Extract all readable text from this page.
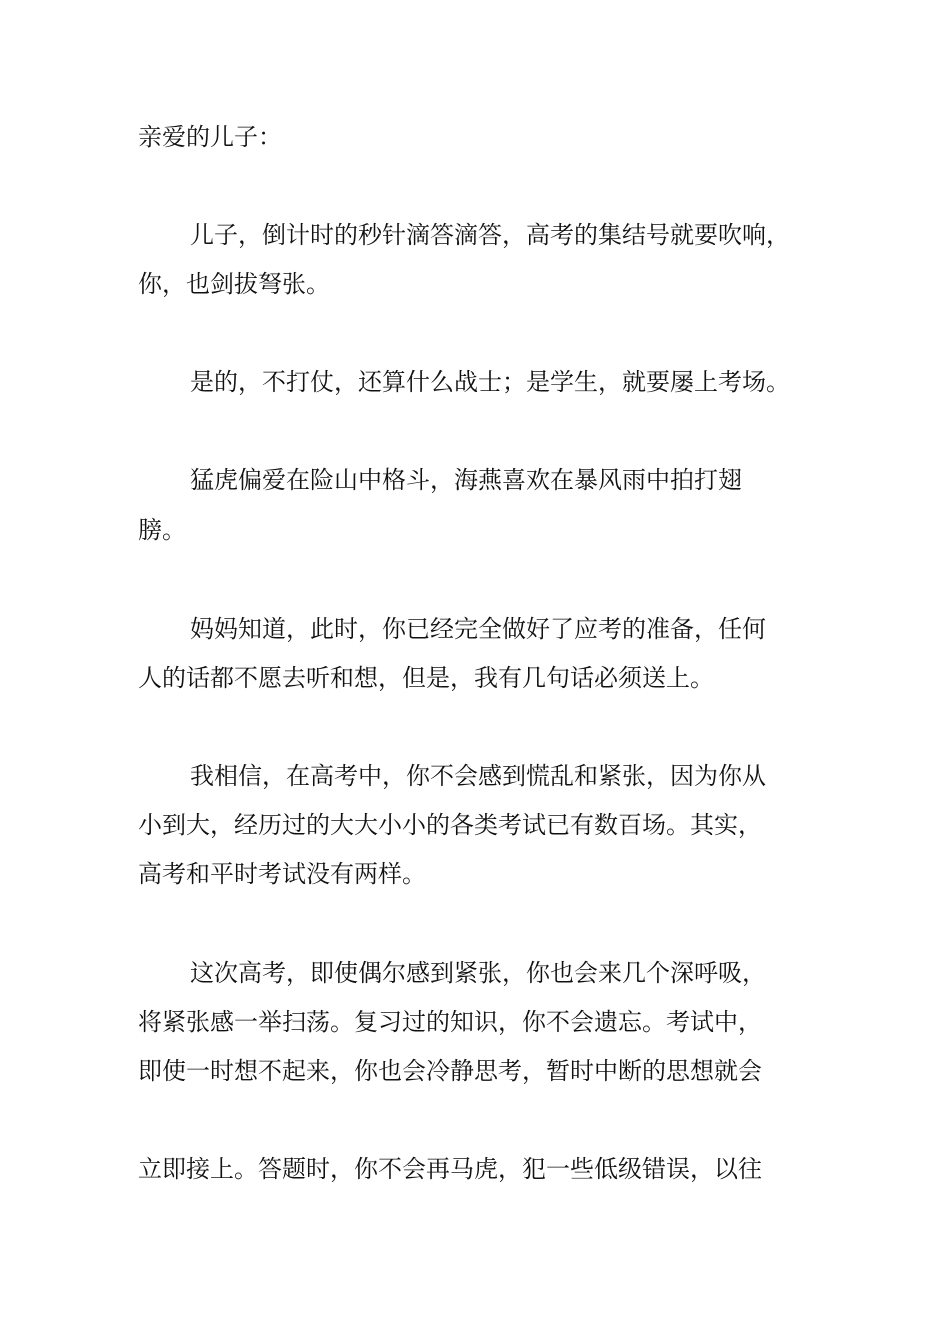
亲爱的儿子：

儿子，倒计时的秒针滴答滴答，高考的集结号就要吹响，

你，也剑拔弩张。

是的，不打仗，还算什么战士；是学生，就要屡上考场。

猛虎偏爱在险山中格斗，海燕喜欢在暴风雨中拍打翅

膀。

妈妈知道，此时，你已经完全做好了应考的准备，任何

人的话都不愿去听和想，但是，我有几句话必须送上。

我相信，在高考中，你不会感到慌乱和紧张，因为你从

小到大，经历过的大大小小的各类考试已有数百场。其实，

高考和平时考试没有两样。

这次高考，即使偶尔感到紧张，你也会来几个深呼吸，

将紧张感一举扫荡。复习过的知识，你不会遗忘。考试中，

即使一时想不起来，你也会冷静思考，暂时中断的思想就会

立即接上。答题时，你不会再马虎，犯一些低级错误，以往
